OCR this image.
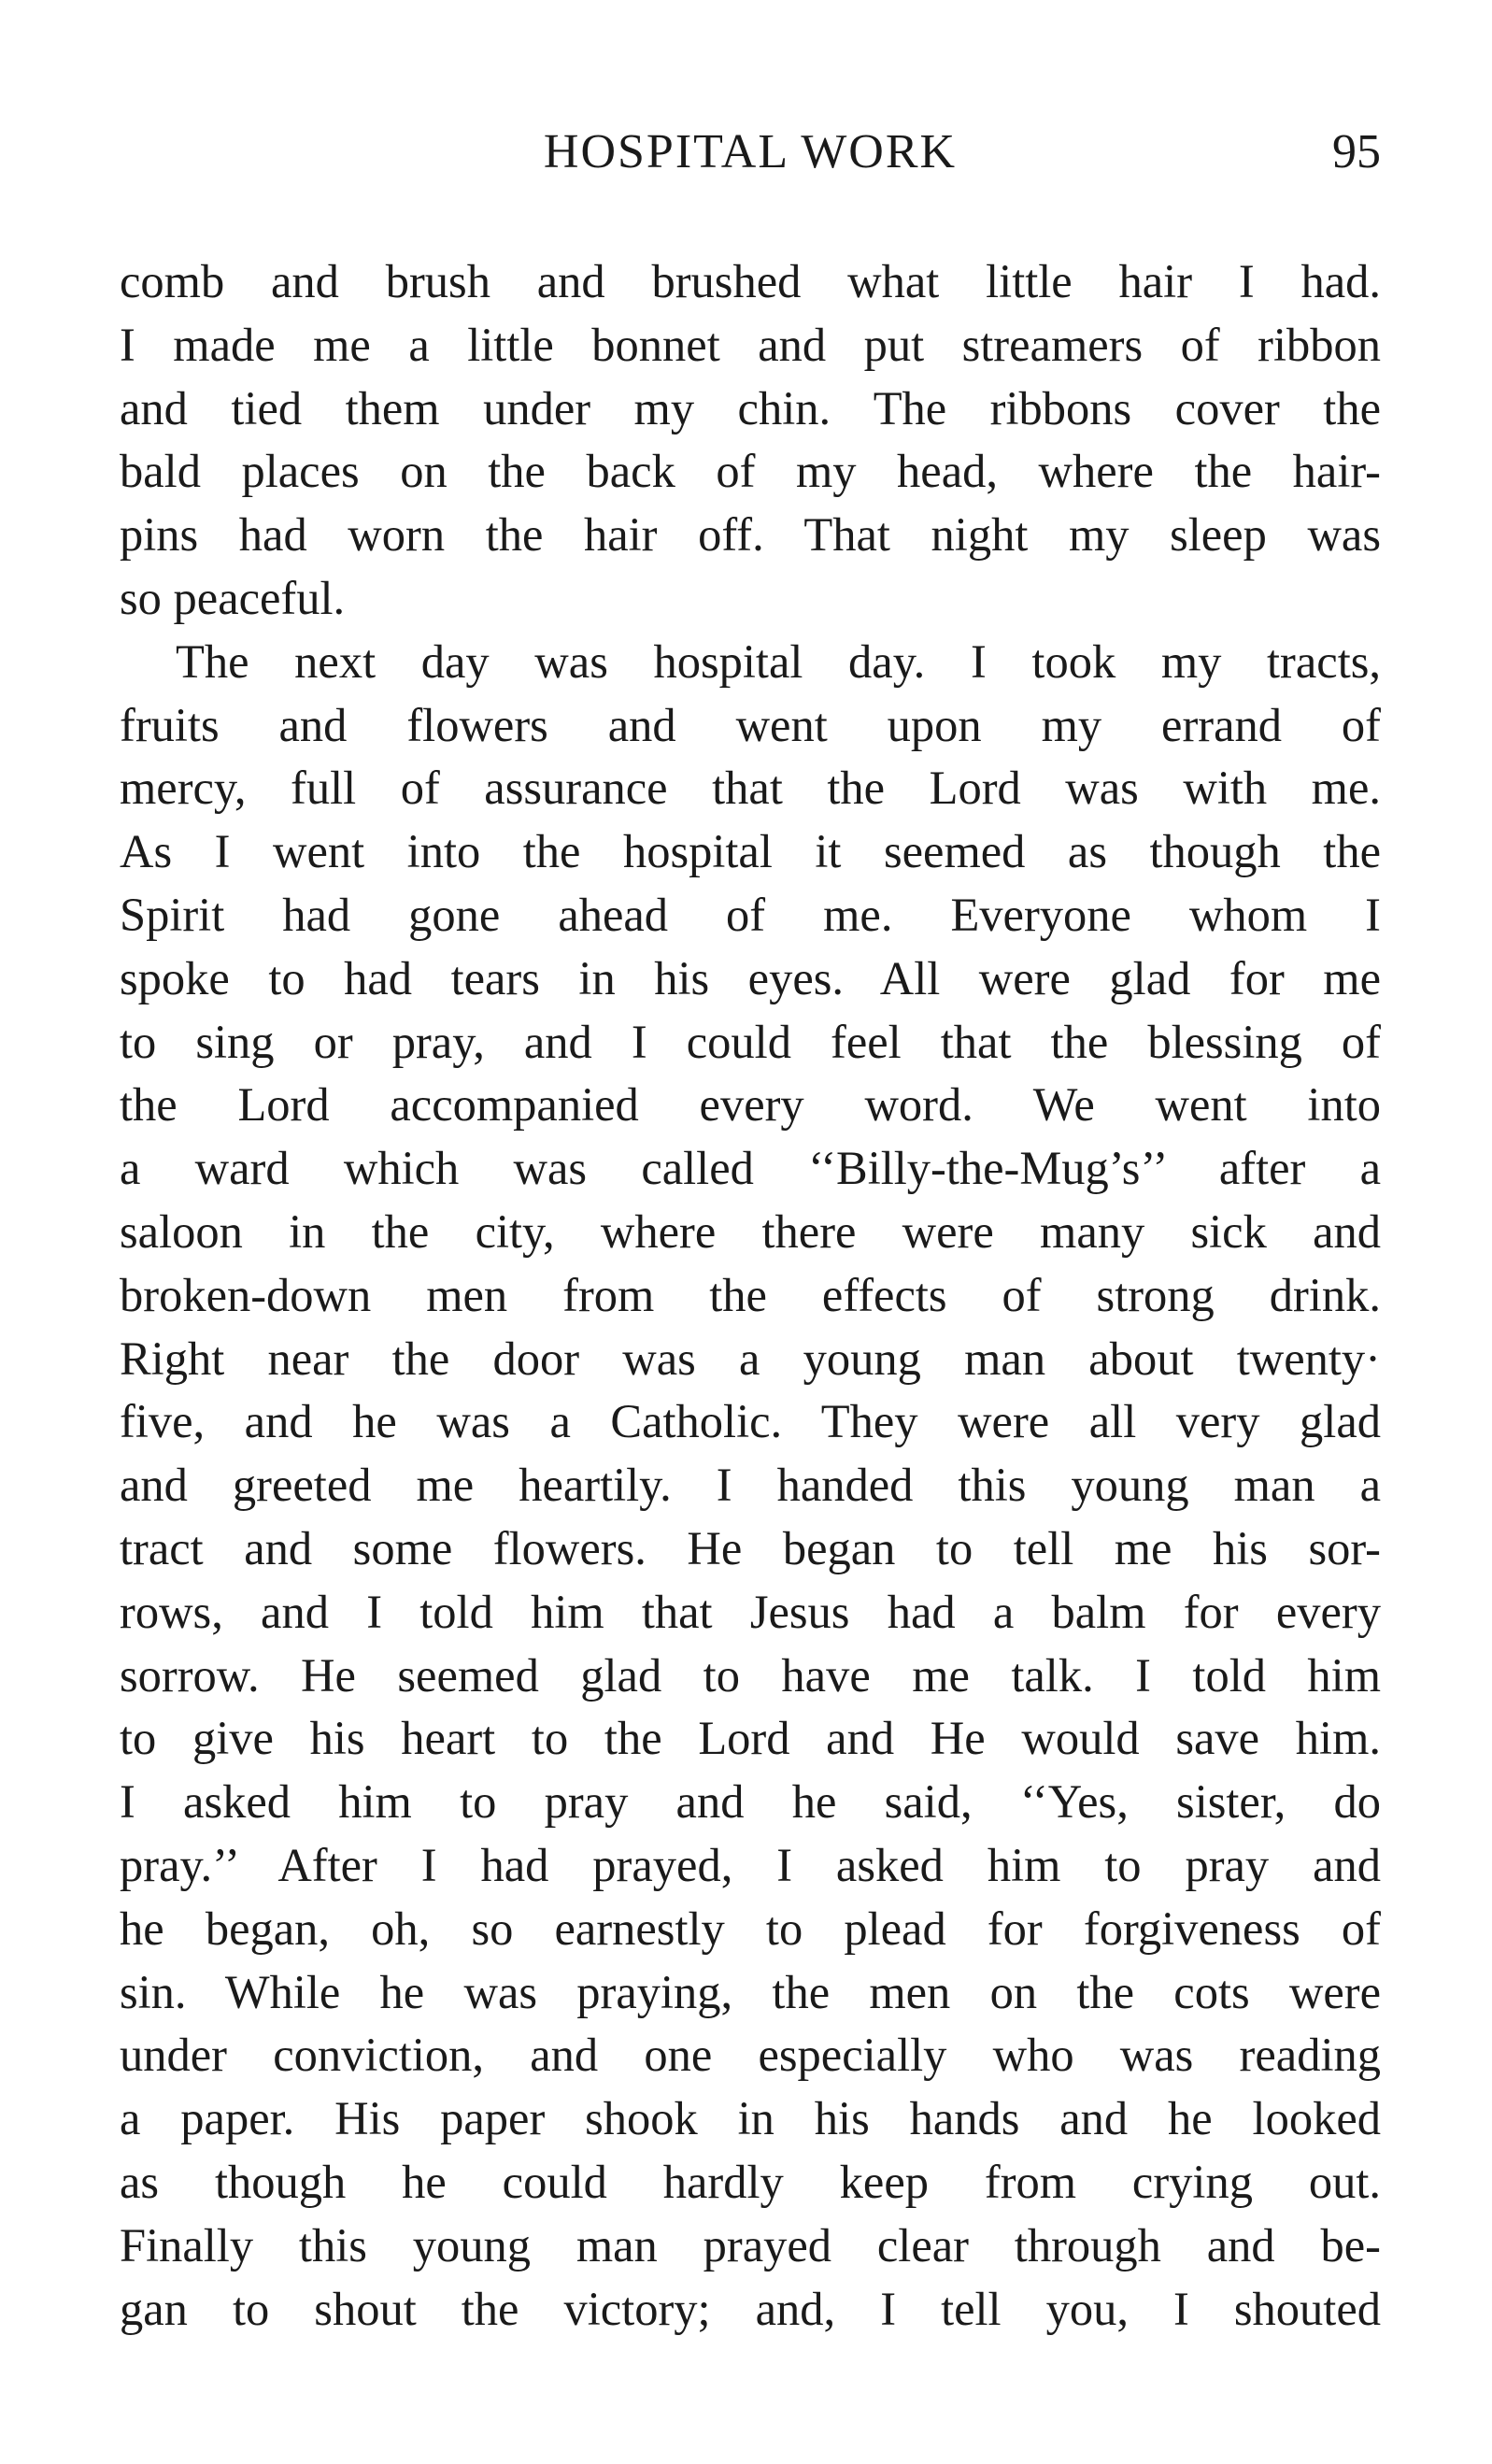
HOSPITAL WORK	95
comb and brush and brushed what little hair I had.
I made me a little bonnet and put streamers of ribbon
and tied them under my chin. The ribbons cover the
bald places on the back of my head, where the hair-
pins had worn the hair off. That night my sleep was
so peaceful.
The next day was hospital day. I took my tracts,
fruits and flowers and went upon my errand of
mercy, full of assurance that the Lord was with me.
As I went into the hospital it seemed as though the
Spirit had gone ahead of me. Everyone whom I
spoke to had tears in his eyes. All were glad for me
to sing or pray, and I could feel that the blessing of
the Lord accompanied every word. We went into
a ward which was called ‘‘Billy-the-Mug’s’’ after a
saloon in the city, where there were many sick and
broken-down men from the effects of strong drink.
Right near the door was a young man about twenty·
five, and he was a Catholic. They were all very glad
and greeted me heartily. I handed this young man a
tract and some flowers. He began to tell me his sor-
rows, and I told him that Jesus had a balm for every
sorrow. He seemed glad to have me talk. I told him
to give his heart to the Lord and He would save him.
I asked him to pray and he said, ‘‘Yes, sister, do
pray.’’ After I had prayed, I asked him to pray and
he began, oh, so earnestly to plead for forgiveness of
sin. While he was praying, the men on the cots were
under conviction, and one especially who was reading
a paper. His paper shook in his hands and he looked
as though he could hardly keep from crying out.
Finally this young man prayed clear through and be-
gan to shout the victory; and, I tell you, I shouted
